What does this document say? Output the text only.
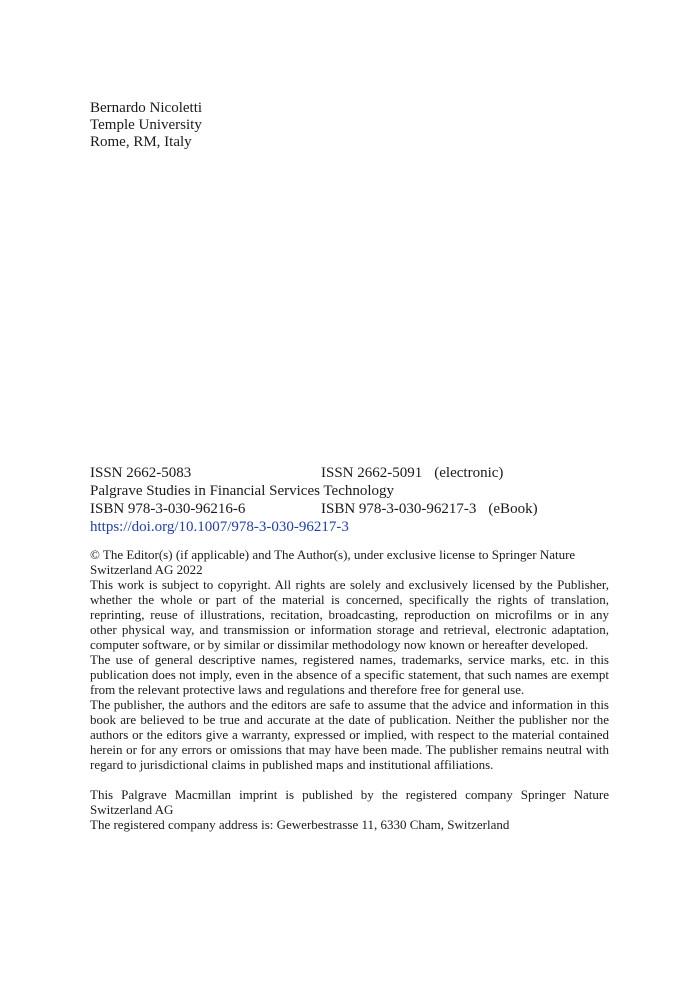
Bernardo Nicoletti
Temple University
Rome, RM, Italy
ISSN 2662-5083	ISSN 2662-5091 (electronic)
Palgrave Studies in Financial Services Technology
ISBN 978-3-030-96216-6	ISBN 978-3-030-96217-3 (eBook)
https://doi.org/10.1007/978-3-030-96217-3

© The Editor(s) (if applicable) and The Author(s), under exclusive license to Springer Nature Switzerland AG 2022

This work is subject to copyright. All rights are solely and exclusively licensed by the Publisher, whether the whole or part of the material is concerned, specifically the rights of translation, reprinting, reuse of illustrations, recitation, broadcasting, reproduction on microfilms or in any other physical way, and transmission or information storage and retrieval, electronic adaptation, computer software, or by similar or dissimilar methodology now known or hereafter developed.

The use of general descriptive names, registered names, trademarks, service marks, etc. in this publication does not imply, even in the absence of a specific statement, that such names are exempt from the relevant protective laws and regulations and therefore free for general use.

The publisher, the authors and the editors are safe to assume that the advice and information in this book are believed to be true and accurate at the date of publication. Neither the publisher nor the authors or the editors give a warranty, expressed or implied, with respect to the material contained herein or for any errors or omissions that may have been made. The publisher remains neutral with regard to jurisdictional claims in published maps and institutional affiliations.

This Palgrave Macmillan imprint is published by the registered company Springer Nature Switzerland AG

The registered company address is: Gewerbestrasse 11, 6330 Cham, Switzerland
